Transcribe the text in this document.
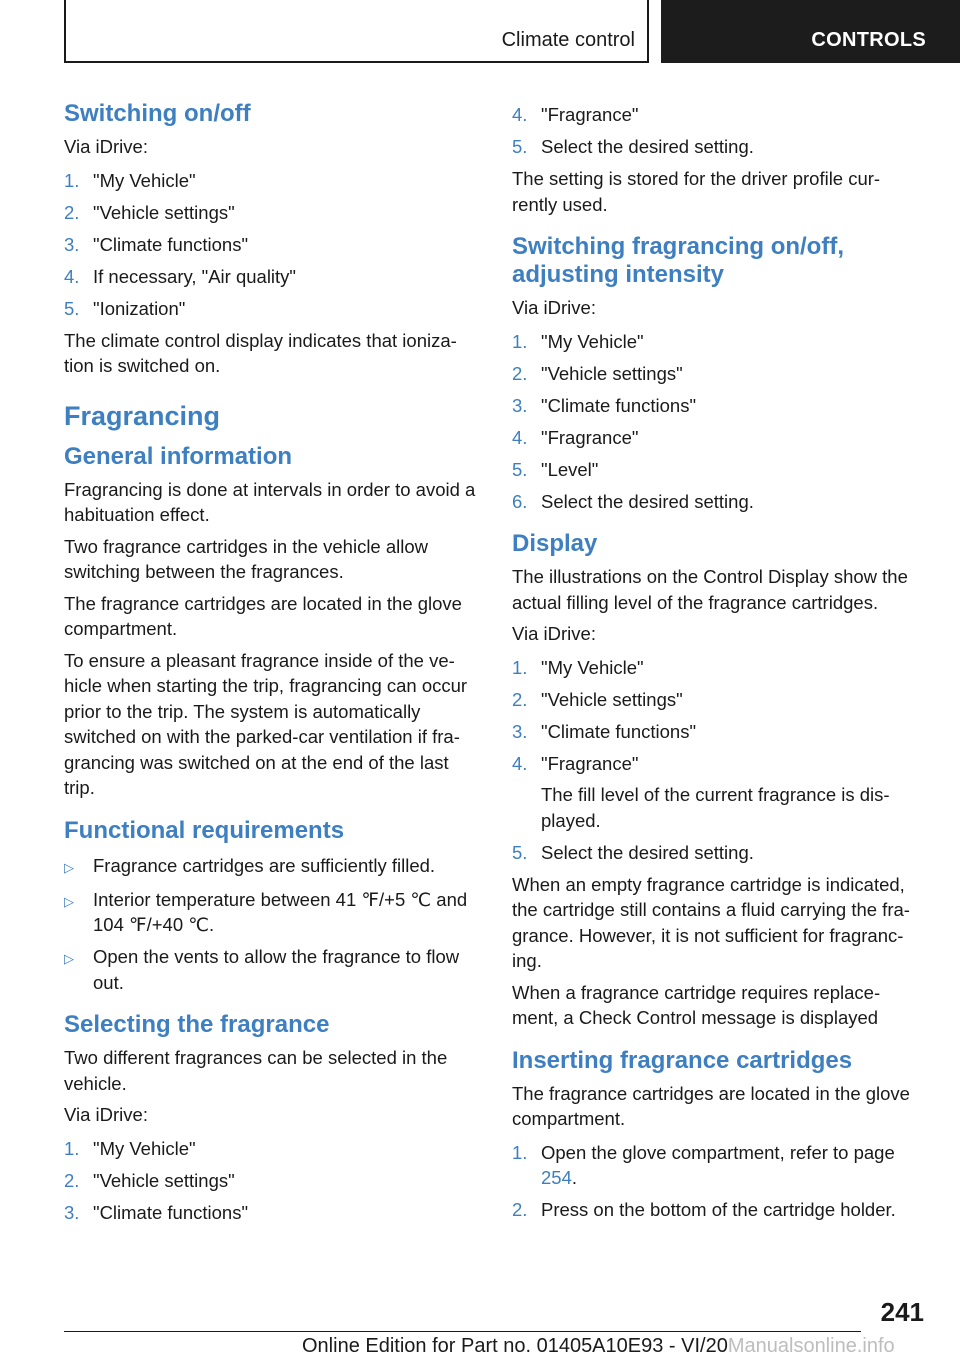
Climate control	CONTROLS
Switching on/off

Via iDrive:

1. "My Vehicle"
2. "Vehicle settings"
3. "Climate functions"
4. If necessary, "Air quality"
5. "Ionization"

The climate control display indicates that ioniza-tion is switched on.

Fragrancing
General information

Fragrancing is done at intervals in order to avoid a habituation effect.

Two fragrance cartridges in the vehicle allow switching between the fragrances.

The fragrance cartridges are located in the glove compartment.

To ensure a pleasant fragrance inside of the ve-hicle when starting the trip, fragrancing can occur prior to the trip. The system is automatically switched on with the parked-car ventilation if fra-grancing was switched on at the end of the last trip.

Functional requirements
▷	Fragrance cartridges are sufficiently filled.
▷	Interior temperature between 41 ℉/+5 ℃ and 104 ℉/+40 ℃.
▷	Open the vents to allow the fragrance to flow out.
Selecting the fragrance

Two different fragrances can be selected in the vehicle.

Via iDrive:

1. "My Vehicle"
2. "Vehicle settings"
3. "Climate functions"
4. "Fragrance"
5. Select the desired setting.

The setting is stored for the driver profile cur-rently used.

Switching fragrancing on/off, adjusting intensity

Via iDrive:

1. "My Vehicle"
2. "Vehicle settings"
3. "Climate functions"
4. "Fragrance"
5. "Level"
6. Select the desired setting.
Display

The illustrations on the Control Display show the actual filling level of the fragrance cartridges.

Via iDrive:

1. "My Vehicle"
2. "Vehicle settings"
3. "Climate functions"
4. "Fragrance"
The fill level of the current fragrance is dis-played.
5. Select the desired setting.

When an empty fragrance cartridge is indicated, the cartridge still contains a fluid carrying the fra-grance. However, it is not sufficient for fragranc-ing.

When a fragrance cartridge requires replace-ment, a Check Control message is displayed

Inserting fragrance cartridges

The fragrance cartridges are located in the glove compartment.

1. Open the glove compartment, refer to page 254.
2. Press on the bottom of the cartridge holder.
241
Online Edition for Part no. 01405A10E93 - VI/20Manualsonline.info
